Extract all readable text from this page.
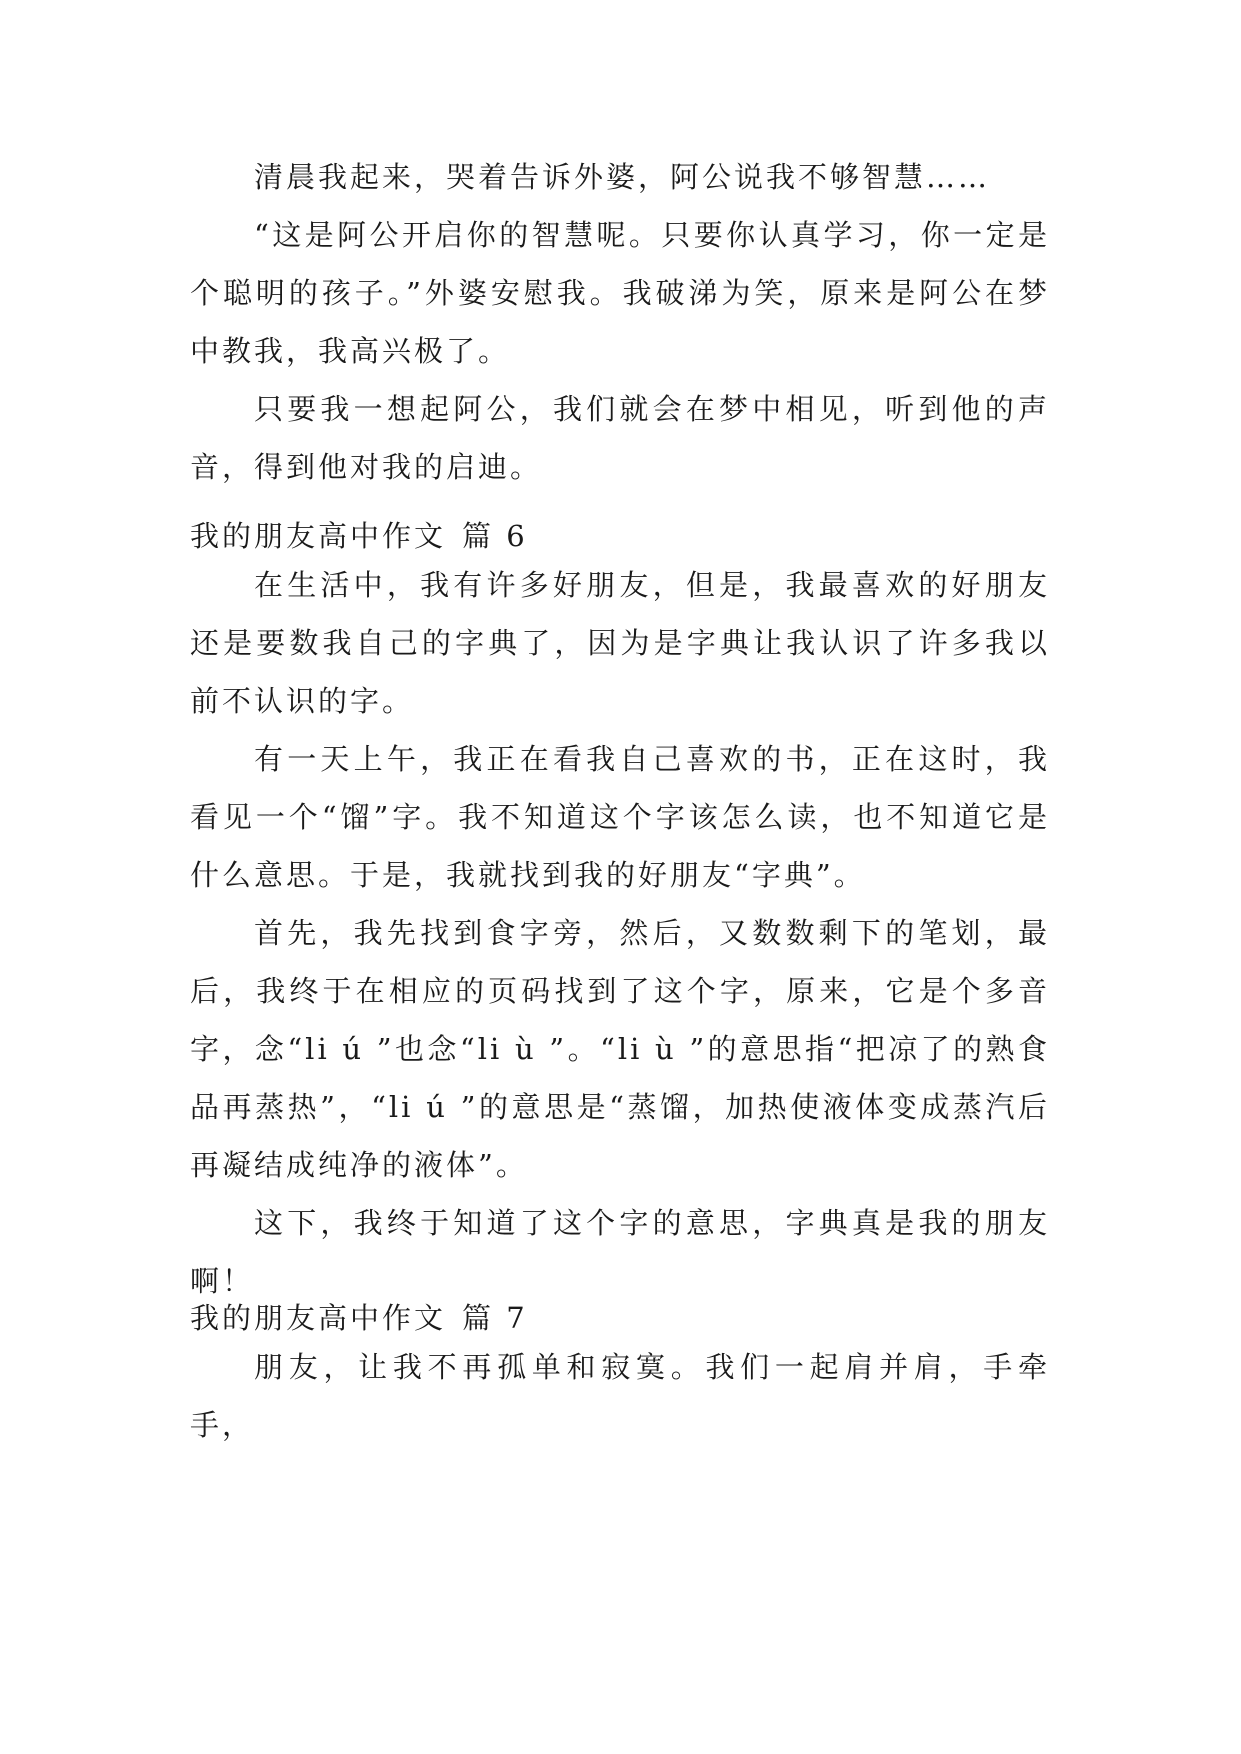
清晨我起来，哭着告诉外婆，阿公说我不够智慧……

“这是阿公开启你的智慧呢。只要你认真学习，你一定是个聪明的孩子。”外婆安慰我。我破涕为笑，原来是阿公在梦中教我，我高兴极了。

只要我一想起阿公，我们就会在梦中相见，听到他的声音，得到他对我的启迪。

我的朋友高中作文 篇 6

在生活中，我有许多好朋友，但是，我最喜欢的好朋友还是要数我自己的字典了，因为是字典让我认识了许多我以前不认识的字。

有一天上午，我正在看我自己喜欢的书，正在这时，我看见一个“馏”字。我不知道这个字该怎么读，也不知道它是什么意思。于是，我就找到我的好朋友“字典”。

首先，我先找到食字旁，然后，又数数剩下的笔划，最后，我终于在相应的页码找到了这个字，原来，它是个多音字，念“li ú ”也念“li ù ”。“li ù ”的意思指“把凉了的熟食品再蒸热”，“li ú ”的意思是“蒸馏，加热使液体变成蒸汽后再凝结成纯净的液体”。

这下，我终于知道了这个字的意思，字典真是我的朋友啊！

我的朋友高中作文 篇 7

朋友，让我不再孤单和寂寞。我们一起肩并肩，手牵手，
